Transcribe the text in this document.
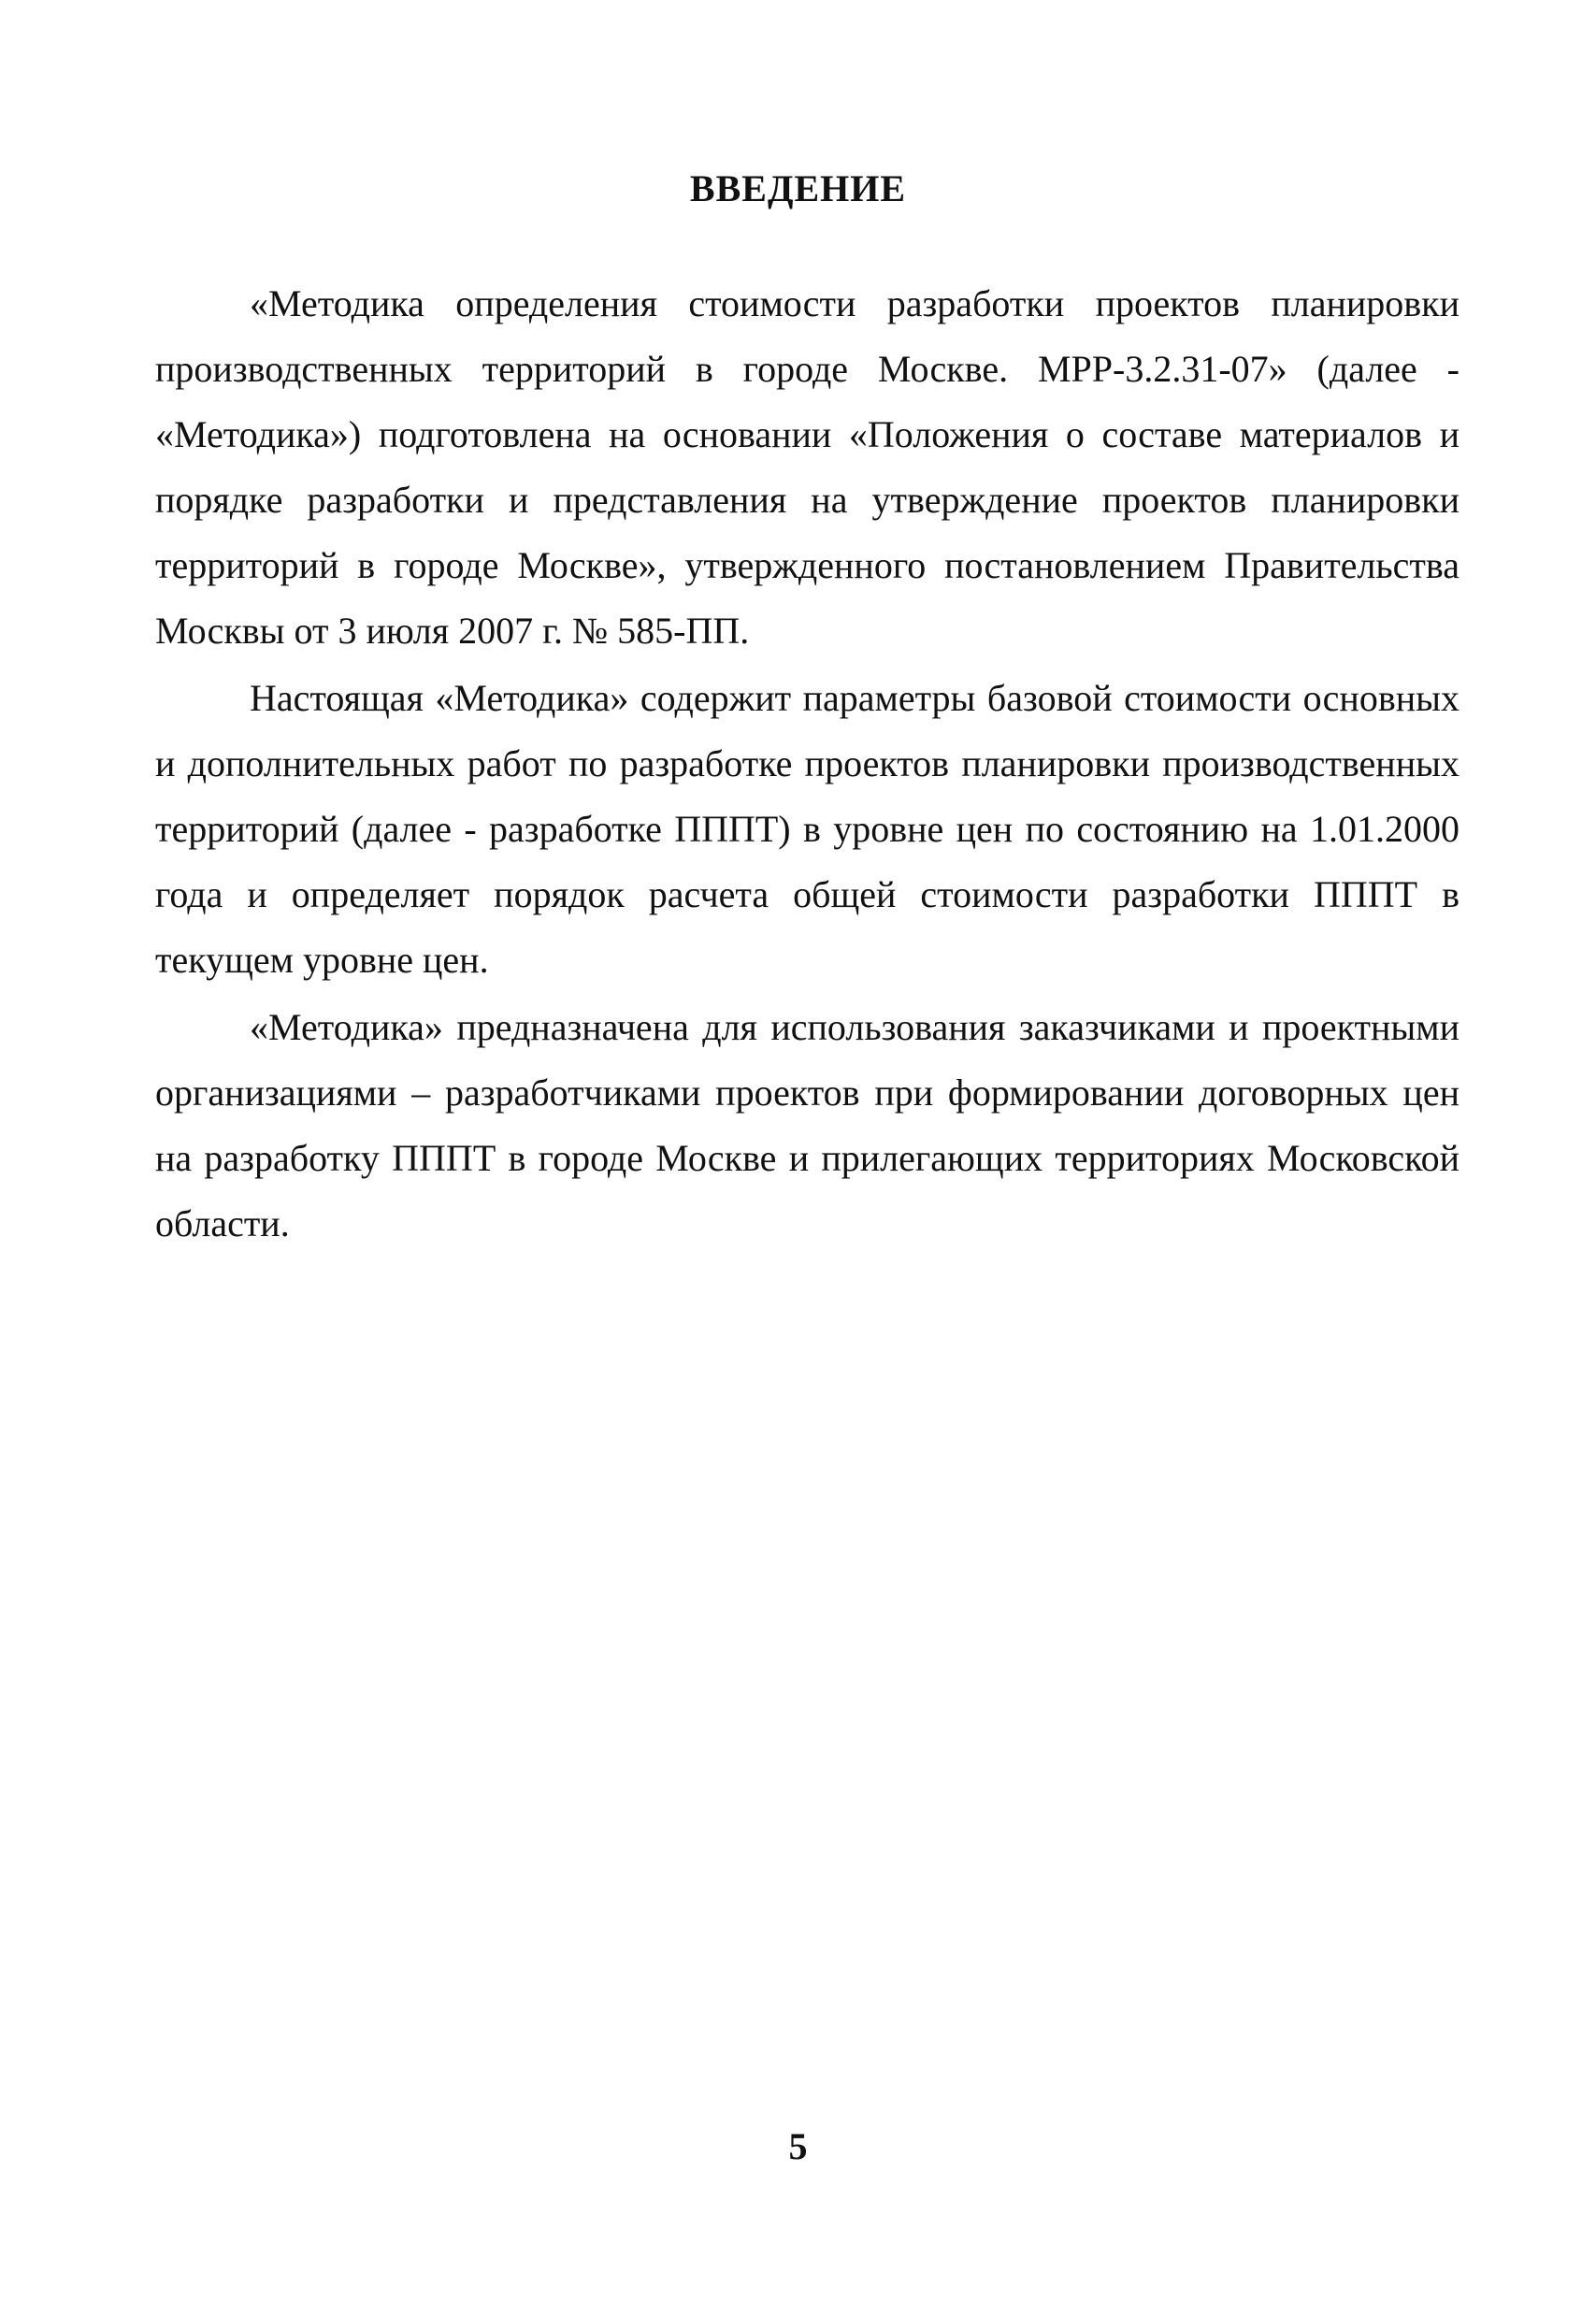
ВВЕДЕНИЕ

«Методика определения стоимости разработки проектов планировки производственных территорий в городе Москве. МРР-3.2.31-07» (далее - «Методика») подготовлена на основании «Положения о составе материалов и порядке разработки и представления на утверждение проектов планировки территорий в городе Москве», утвержденного постановлением Правительства Москвы от 3 июля 2007 г. № 585-ПП.

Настоящая «Методика» содержит параметры базовой стоимости основных и дополнительных работ по разработке проектов планировки производственных территорий (далее - разработке ПППТ) в уровне цен по состоянию на 1.01.2000 года и определяет порядок расчета общей стоимости разработки ПППТ в текущем уровне цен.

«Методика» предназначена для использования заказчиками и проектными организациями – разработчиками проектов при формировании договорных цен на разработку ПППТ в городе Москве и прилегающих территориях Московской области.

5
